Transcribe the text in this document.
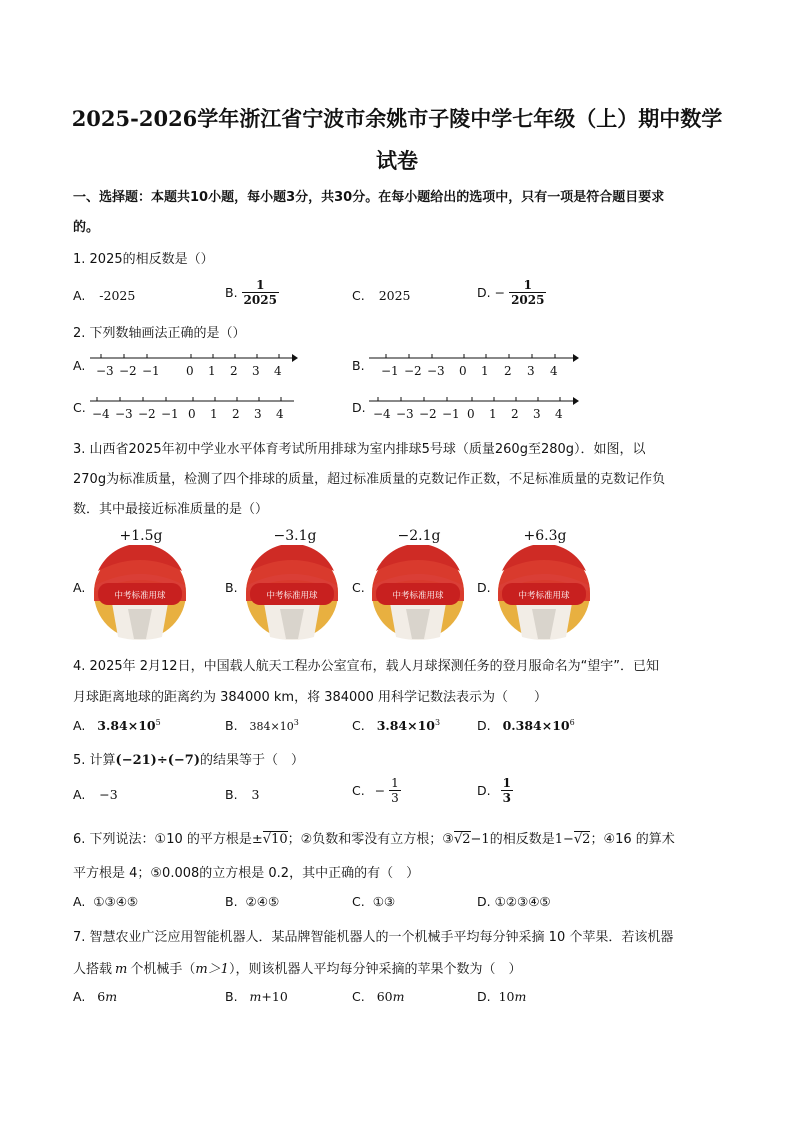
2025-2026学年浙江省宁波市余姚市子陵中学七年级（上）期中数学
试卷
一、选择题：本题共10小题，每小题3分，共30分。在每小题给出的选项中，只有一项是符合题目要求
的。
1. 2025的相反数是（）
A. -2025	B. $\frac{1}{2025}$	C. 2025	D. − $\frac{1}{2025}$
2. 下列数轴画法正确的是（）
A. −3 −2 −1 0 1 2 3 4	B. −1 −2 −3 0 1 2 3 4
C. −4 −3 −2 −1 0 1 2 3 4	D. −4 −3 −2 −1 0 1 2 3 4
3. 山西省2025年初中学业水平体育考试所用排球为室内排球5号球（质量260g至280g）．如图，以
270g为标准质量，检测了四个排球的质量，超过标准质量的克数记作正数，不足标准质量的克数记作负
数．其中最接近标准质量的是（）
+1.5g
A.
中考标准用球
−3.1g
B.
中考标准用球
−2.1g
C.
中考标准用球
+6.3g
D.
中考标准用球
4. 2025年 2月12日，中国载人航天工程办公室宣布，载人月球探测任务的登月服命名为“望宇”．已知
月球距离地球的距离约为 384000 km，将 384000 用科学记数法表示为（　　）
A. $3.84\times 10^5$	B. $384\times 10^3$	C. $3.84\times 10^3$	D. $0.384\times 10^6$
5. 计算(−21)÷(−7)的结果等于（　）
A. −3	B. 3	C. − $\frac{1}{3}$	D. $\frac{1}{3}$
6. 下列说法：①10 的平方根是±√10；②负数和零没有立方根；③√2−1的相反数是1−√2；④16 的算术
平方根是 4；⑤0.008的立方根是 0.2，其中正确的有（　）
A. ①③④⑤	B. ②④⑤	C. ①③	D. ①②③④⑤
7. 智慧农业广泛应用智能机器人．某品牌智能机器人的一个机械手平均每分钟采摘 10 个苹果．若该机器
人搭载 m 个机械手（m＞1），则该机器人平均每分钟采摘的苹果个数为（　）
A. 6m	B. m+10	C. 60m	D. 10m
